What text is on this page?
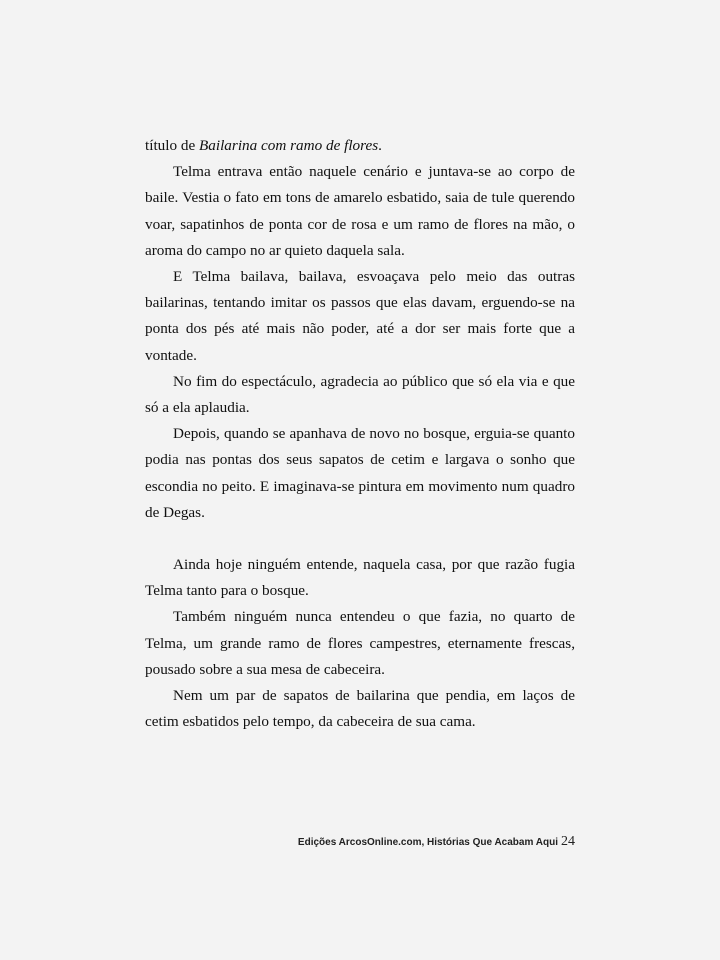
título de Bailarina com ramo de flores.

Telma entrava então naquele cenário e juntava-se ao corpo de baile. Vestia o fato em tons de amarelo esbatido, saia de tule querendo voar, sapatinhos de ponta cor de rosa e um ramo de flores na mão, o aroma do campo no ar quieto daquela sala.

E Telma bailava, bailava, esvoaçava pelo meio das outras bailarinas, tentando imitar os passos que elas davam, erguendo-se na ponta dos pés até mais não poder, até a dor ser mais forte que a vontade.

No fim do espectáculo, agradecia ao público que só ela via e que só a ela aplaudia.

Depois, quando se apanhava de novo no bosque, erguia-se quanto podia nas pontas dos seus sapatos de cetim e largava o sonho que escondia no peito. E imaginava-se pintura em movimento num quadro de Degas.

Ainda hoje ninguém entende, naquela casa, por que razão fugia Telma tanto para o bosque.

Também ninguém nunca entendeu o que fazia, no quarto de Telma, um grande ramo de flores campestres, eternamente frescas, pousado sobre a sua mesa de cabeceira.

Nem um par de sapatos de bailarina que pendia, em laços de cetim esbatidos pelo tempo, da cabeceira de sua cama.

Edições ArcosOnline.com, Histórias Que Acabam Aqui 24
